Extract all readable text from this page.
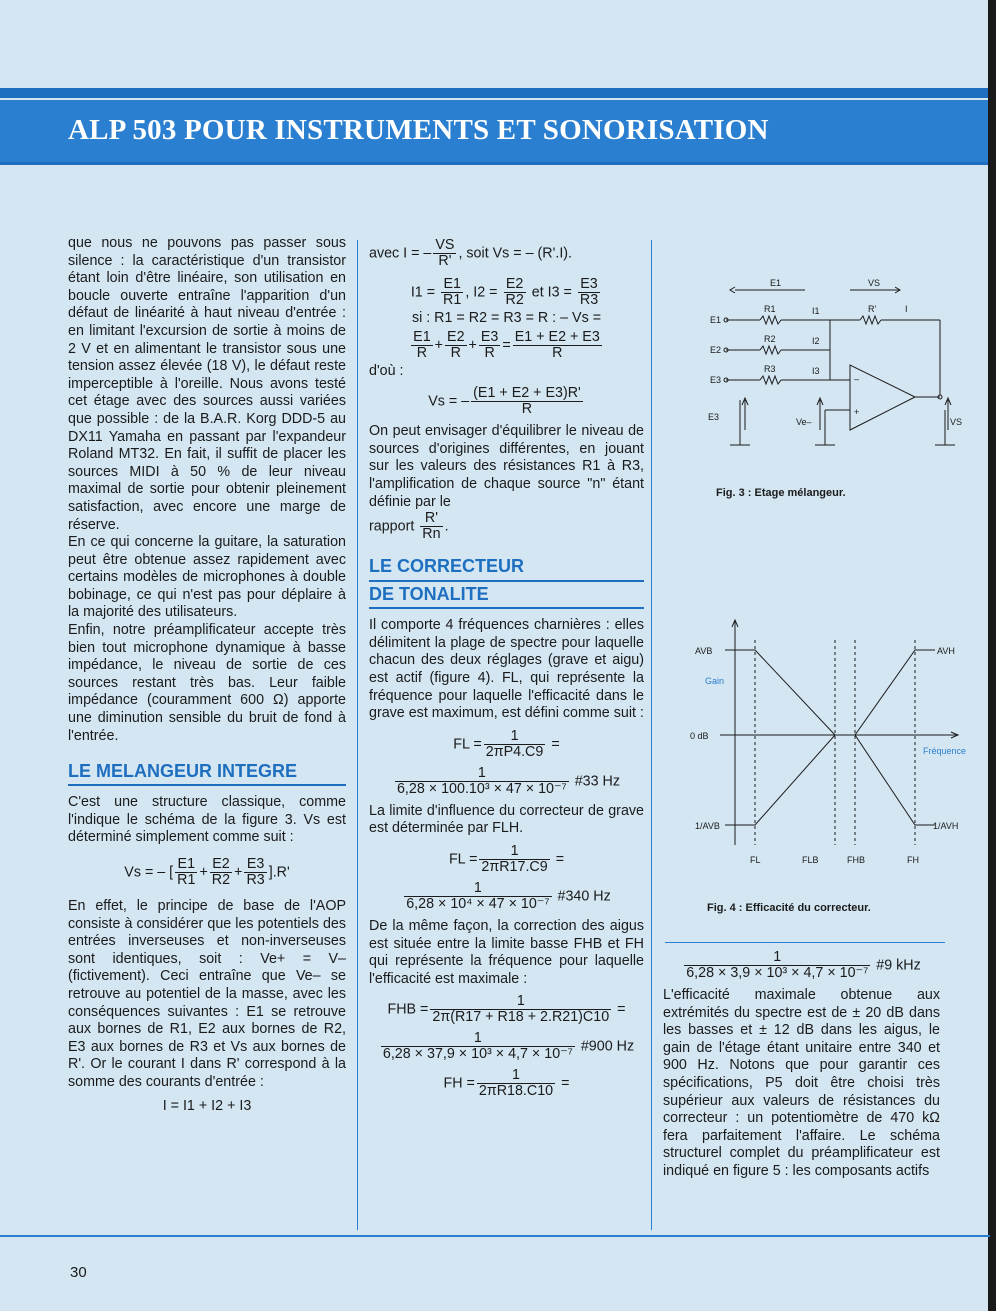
ALP 503 POUR INSTRUMENTS ET SONORISATION

que nous ne pouvons pas passer sous silence : la caractéristique d'un transistor étant loin d'être linéaire, son utilisation en boucle ouverte entraîne l'apparition d'un défaut de linéarité à haut niveau d'entrée : en limitant l'excursion de sortie à moins de 2 V et en alimentant le transistor sous une tension assez élevée (18 V), le défaut reste imperceptible à l'oreille. Nous avons testé cet étage avec des sources aussi variées que possible : de la B.A.R. Korg DDD-5 au DX11 Yamaha en passant par l'expandeur Roland MT32. En fait, il suffit de placer les sources MIDI à 50 % de leur niveau maximal de sortie pour obtenir pleinement satisfaction, avec encore une marge de réserve.

En ce qui concerne la guitare, la saturation peut être obtenue assez rapidement avec certains modèles de microphones à double bobinage, ce qui n'est pas pour déplaire à la majorité des utilisateurs.

Enfin, notre préamplificateur accepte très bien tout microphone dynamique à basse impédance, le niveau de sortie de ces sources restant très bas. Leur faible impédance (couramment 600 Ω) apporte une diminution sensible du bruit de fond à l'entrée.

LE MELANGEUR INTEGRE

C'est une structure classique, comme l'indique le schéma de la figure 3. Vs est déterminé simplement comme suit :

Vs = – [ $\frac{E1}{R1} + \frac{E2}{R2} + \frac{E3}{R3} ].R'$

En effet, le principe de base de l'AOP consiste à considérer que les potentiels des entrées inverseuses et non-inverseuses sont identiques, soit : Ve+ = V– (fictivement). Ceci entraîne que Ve– se retrouve au potentiel de la masse, avec les conséquences suivantes : E1 se retrouve aux bornes de R1, E2 aux bornes de R2, E3 aux bornes de R3 et Vs aux bornes de R'. Or le courant I dans R' correspond à la somme des courants d'entrée :

I = I1 + I2 + I3
avec I = – $\frac{VS}{R'}$ , soit Vs = – (R'.I).
$I1 = \frac{E1}{R1}$ , $I2 = \frac{E2}{R2}$ et $I3 = \frac{E3}{R3}$
si : R1 = R2 = R3 = R : – Vs =
$\frac{E1}{R} + \frac{E2}{R} + \frac{E3}{R} = \frac{E1 + E2 + E3}{R}$
d'où :
Vs = – $\frac{(E1 + E2 + E3)R'}{R}$

On peut envisager d'équilibrer le niveau de sources d'origines différentes, en jouant sur les valeurs des résistances R1 à R3, l'amplification de chaque source "n" étant définie par le

rapport $\frac{R'}{Rn}$ .
LE CORRECTEUR
DE TONALITE

Il comporte 4 fréquences charnières : elles délimitent la plage de spectre pour laquelle chacun des deux réglages (grave et aigu) est actif (figure 4). FL, qui représente la fréquence pour laquelle l'efficacité dans le grave est maximum, est défini comme suit :

FL = $\frac{1}{2\pi P4.C9}$ =
$\frac{1}{\text{6,28 × 100.10³ × 47 × 10⁻⁷}}$ #33 Hz

La limite d'influence du correcteur de grave est déterminée par FLH.

FL = $\frac{1}{2\pi R17.C9}$ =
$\frac{1}{\text{6,28 × 10⁴ × 47 × 10⁻⁷}}$ #340 Hz

De la même façon, la correction des aigus est située entre la limite basse FHB et FH qui représente la fréquence pour laquelle l'efficacité est maximale :

FHB = $\frac{1}{2\pi(R17 + R18 + 2.R21)C10}$ =
$\frac{1}{\text{6,28 × 37,9 × 10³ × 4,7 × 10⁻⁷}}$ #900 Hz
FH = $\frac{1}{2\pi R18.C10}$ =
E1	VS
E1
E2
E3
R1
R2
R3
I1
I2
I3
R'	I
VS
Ve–
E3
–
+
Fig. 3 : Etage mélangeur.
AVB
Gain
0 dB
1/AVB
AVH
Fréquence
1/AVH
FL	FLB	FHB	FH
Fig. 4 : Efficacité du correcteur.
$\frac{1}{\text{6,28 × 3,9 × 10³ × 4,7 × 10⁻⁷}}$ #9 kHz

L'efficacité maximale obtenue aux extrémités du spectre est de ± 20 dB dans les basses et ± 12 dB dans les aigus, le gain de l'étage étant unitaire entre 340 et 900 Hz. Notons que pour garantir ces spécifications, P5 doit être choisi très supérieur aux valeurs de résistances du correcteur : un potentiomètre de 470 kΩ fera parfaitement l'affaire. Le schéma structurel complet du préamplificateur est indiqué en figure 5 : les composants actifs

30
